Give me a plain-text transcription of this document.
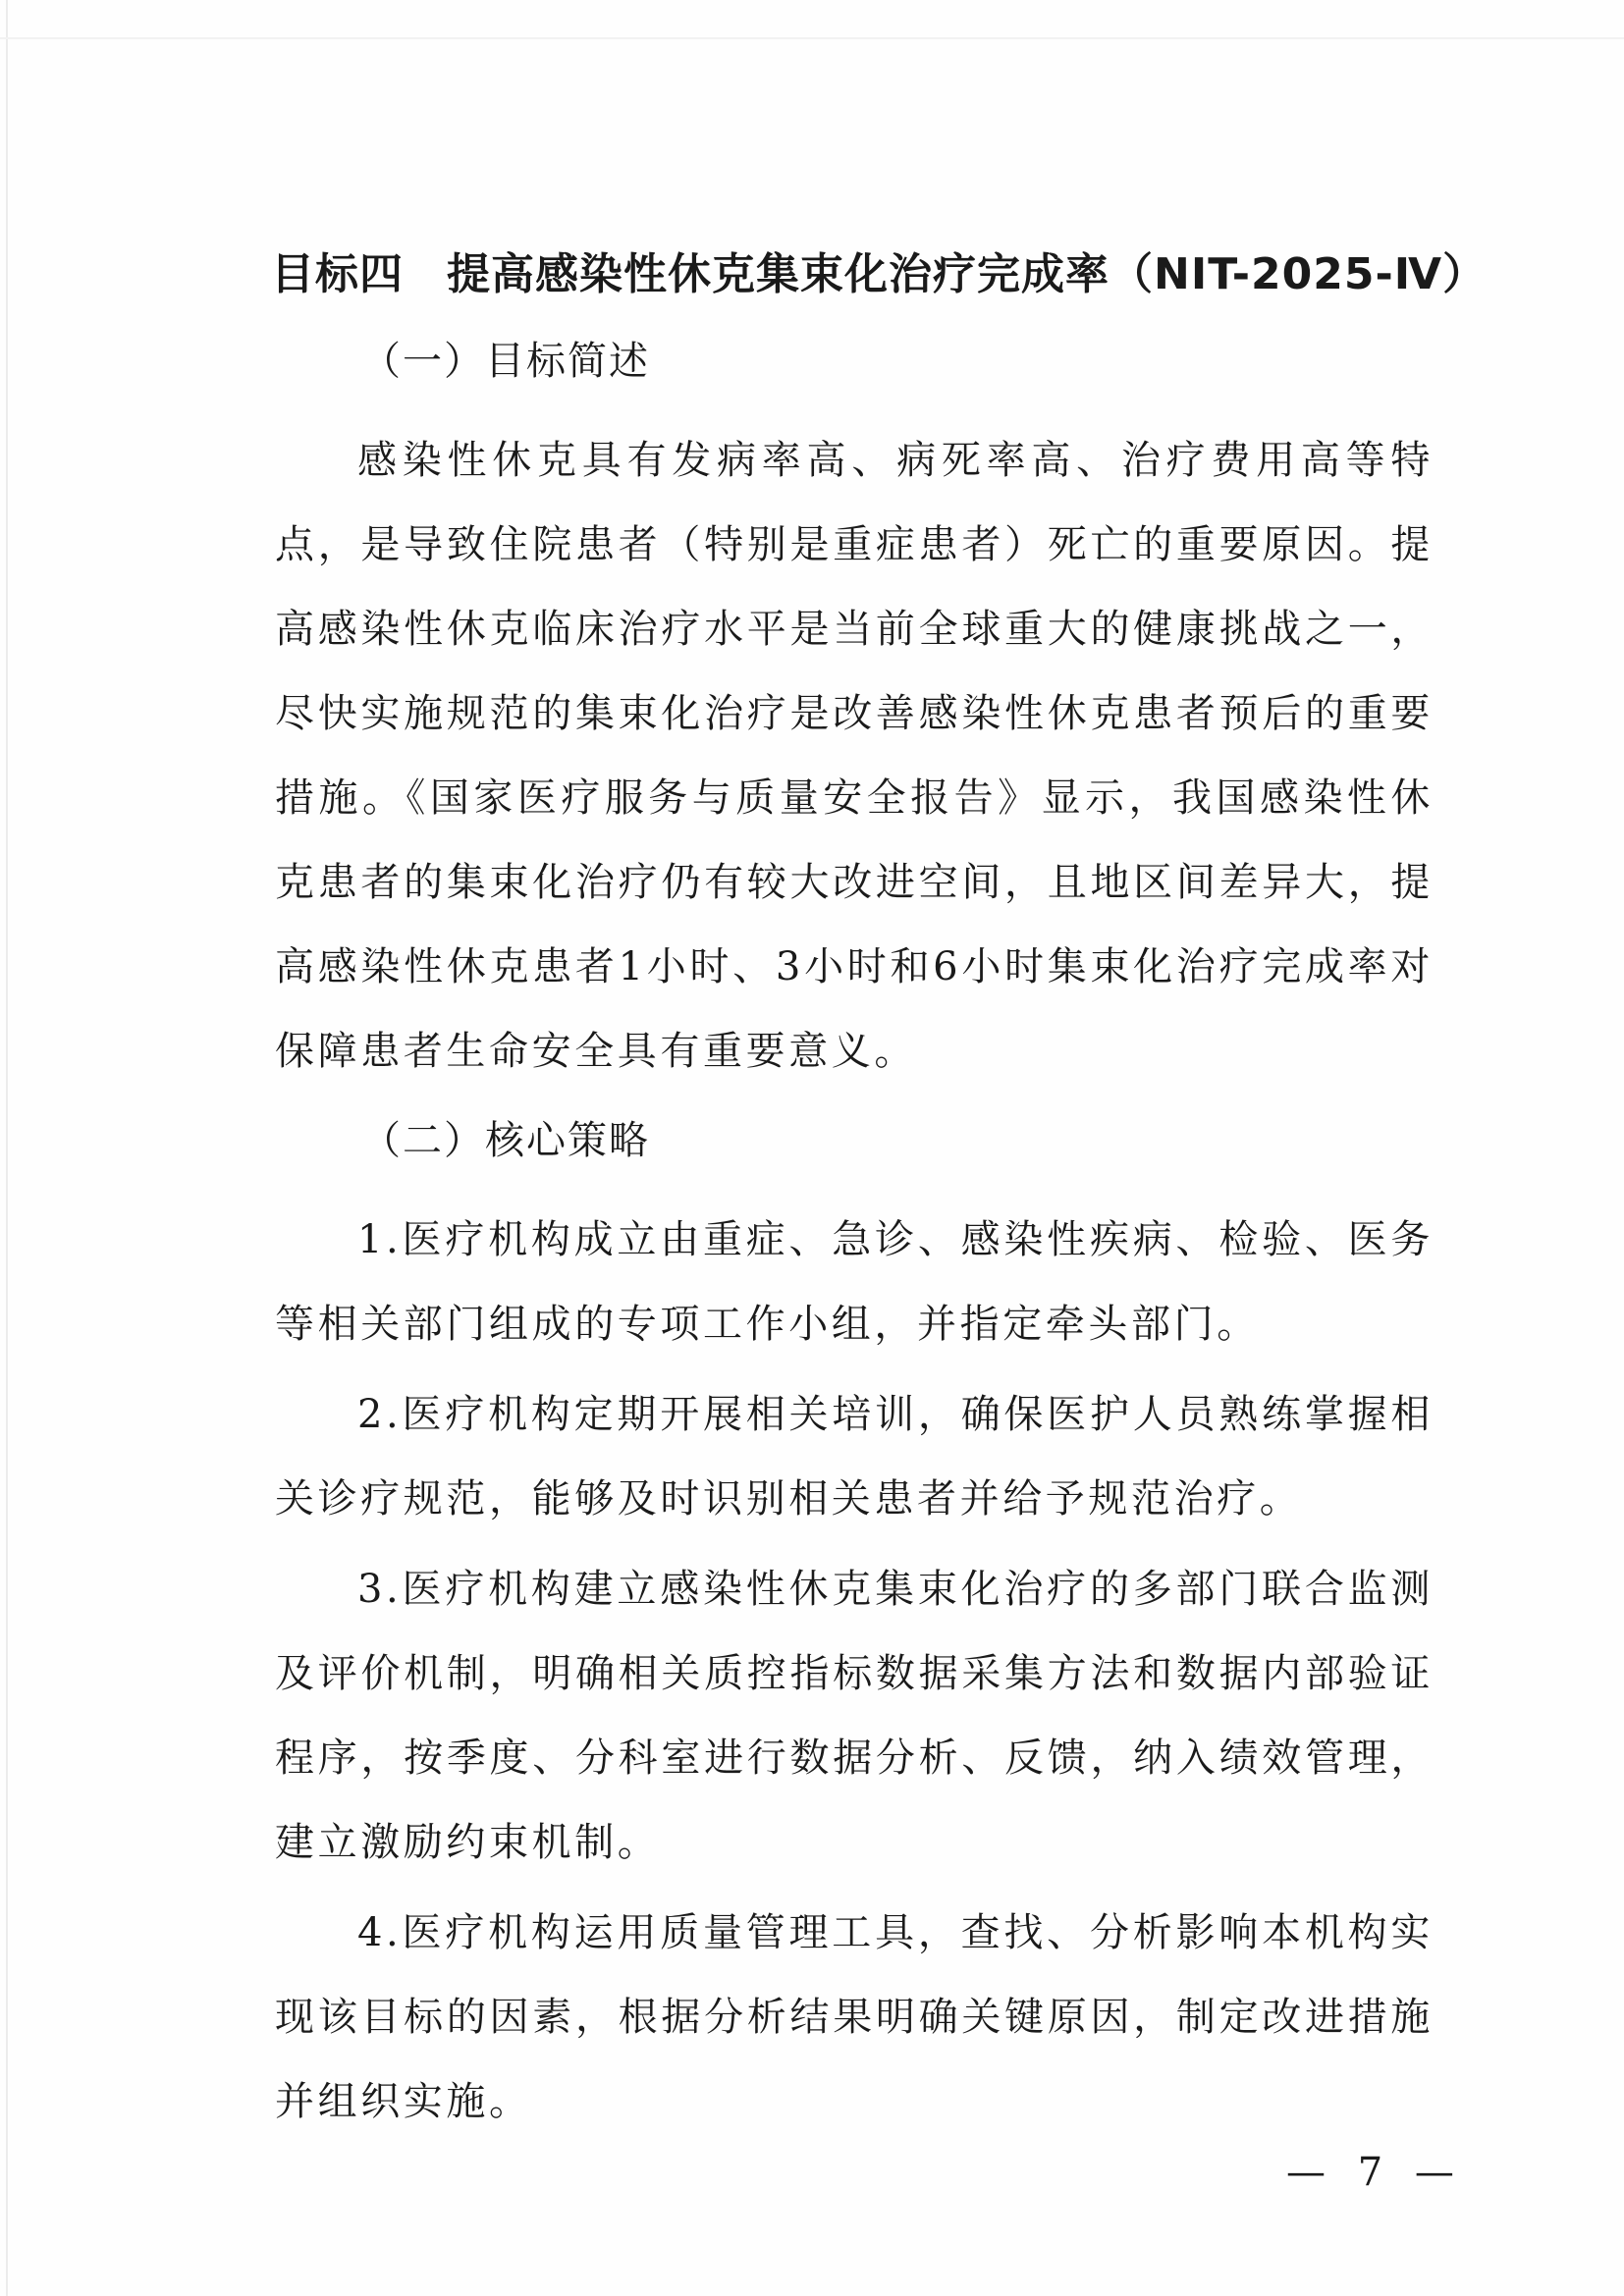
目标四 提高感染性休克集束化治疗完成率（NIT-2025-Ⅳ）
（一）目标简述

感染性休克具有发病率高、病死率高、治疗费用高等特点，是导致住院患者（特别是重症患者）死亡的重要原因。提高感染性休克临床治疗水平是当前全球重大的健康挑战之一，尽快实施规范的集束化治疗是改善感染性休克患者预后的重要措施。《国家医疗服务与质量安全报告》显示，我国感染性休克患者的集束化治疗仍有较大改进空间，且地区间差异大，提高感染性休克患者1小时、3小时和6小时集束化治疗完成率对保障患者生命安全具有重要意义。

（二）核心策略

1.医疗机构成立由重症、急诊、感染性疾病、检验、医务等相关部门组成的专项工作小组，并指定牵头部门。

2.医疗机构定期开展相关培训，确保医护人员熟练掌握相关诊疗规范，能够及时识别相关患者并给予规范治疗。

3.医疗机构建立感染性休克集束化治疗的多部门联合监测及评价机制，明确相关质控指标数据采集方法和数据内部验证程序，按季度、分科室进行数据分析、反馈，纳入绩效管理，建立激励约束机制。

4.医疗机构运用质量管理工具，查找、分析影响本机构实现该目标的因素，根据分析结果明确关键原因，制定改进措施并组织实施。

— 7 —
